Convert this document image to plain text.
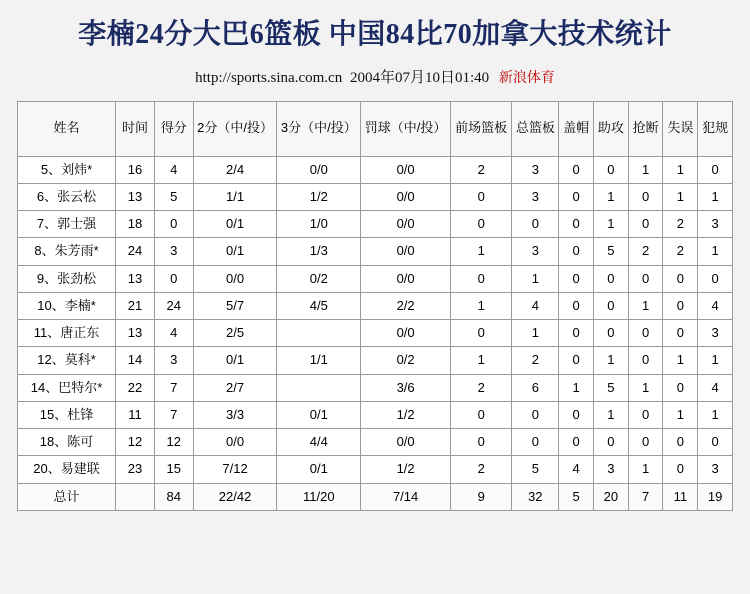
李楠24分大巴6篮板 中国84比70加拿大技术统计
http://sports.sina.com.cn 2004年07月10日01:40 新浪体育
姓名	时间	得分	2分（中/投）	3分（中/投）	罚球（中/投）	前场篮板	总篮板	盖帽	助攻	抢断	失误	犯规
5、刘炜*	16	4	2/4	0/0	0/0	2	3	0	0	1	1	0
6、张云松	13	5	1/1	1/2	0/0	0	3	0	1	0	1	1
7、郭士强	18	0	0/1	1/0	0/0	0	0	0	1	0	2	3
8、朱芳雨*	24	3	0/1	1/3	0/0	1	3	0	5	2	2	1
9、张劲松	13	0	0/0	0/2	0/0	0	1	0	0	0	0	0
10、李楠*	21	24	5/7	4/5	2/2	1	4	0	0	1	0	4
11、唐正东	13	4	2/5		0/0	0	1	0	0	0	0	3
12、莫科*	14	3	0/1	1/1	0/2	1	2	0	1	0	1	1
14、巴特尔*	22	7	2/7		3/6	2	6	1	5	1	0	4
15、杜锋	11	7	3/3	0/1	1/2	0	0	0	1	0	1	1
18、陈可	12	12	0/0	4/4	0/0	0	0	0	0	0	0	0
20、易建联	23	15	7/12	0/1	1/2	2	5	4	3	1	0	3
总计		84	22/42	11/20	7/14	9	32	5	20	7	11	19
